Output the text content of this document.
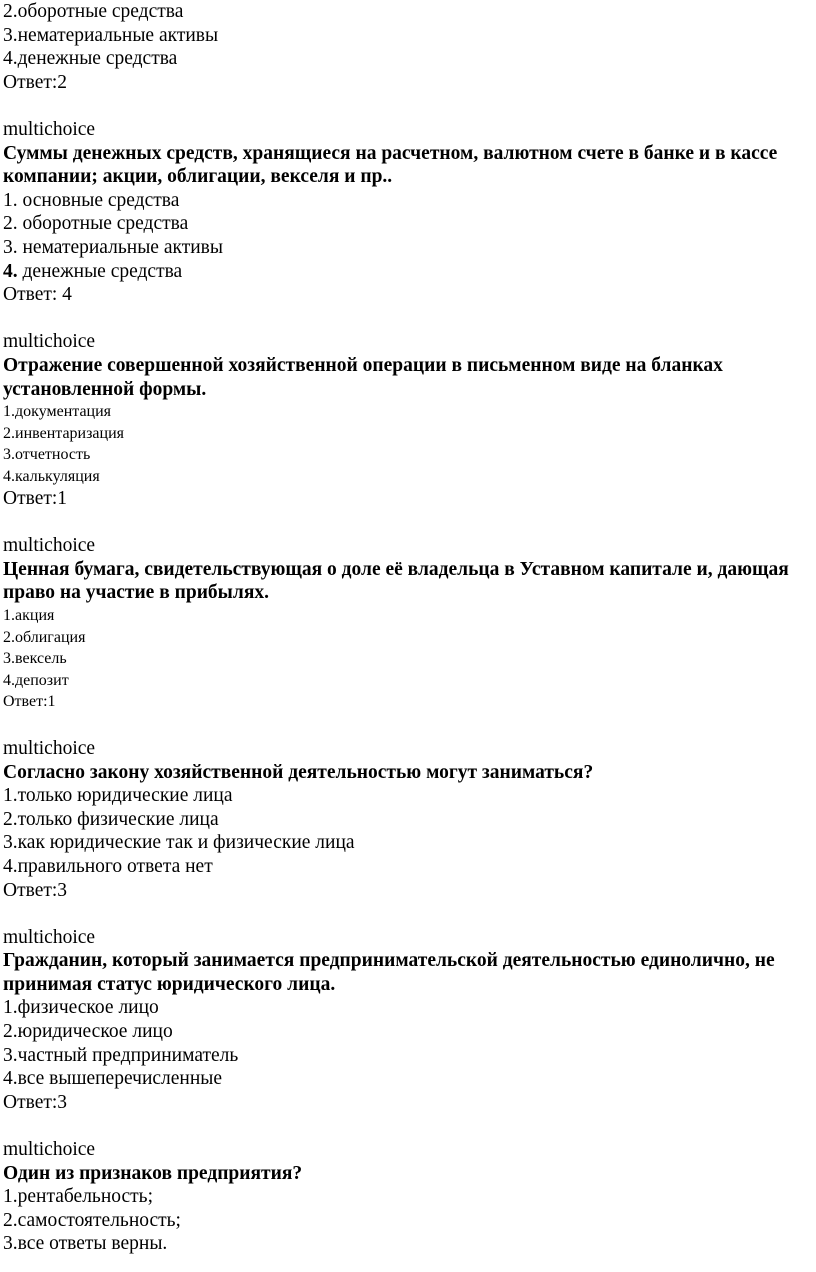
2.оборотные средства
3.нематериальные активы
4.денежные средства
Ответ:2
multichoice
Суммы денежных средств, хранящиеся на расчетном, валютном счете в банке и в кассе компании; акции, облигации, векселя и пр..
1. основные средства
2. оборотные средства
3. нематериальные активы
4. денежные средства
Ответ: 4
multichoice
Отражение совершенной хозяйственной операции в письменном виде на бланках установленной формы.
1.документация
2.инвентаризация
3.отчетность
4.калькуляция
Ответ:1
multichoice
Ценная бумага, свидетельствующая о доле её владельца в Уставном капитале и, дающая право на участие в прибылях.
1.акция
2.облигация
3.вексель
4.депозит
Ответ:1
multichoice
Согласно закону хозяйственной деятельностью могут заниматься?
1.только юридические лица
2.только физические лица
3.как юридические так и физические лица
4.правильного ответа нет
Ответ:3
multichoice
Гражданин, который занимается предпринимательской деятельностью единолично, не принимая статус юридического лица.
1.физическое лицо
2.юридическое лицо
3.частный предприниматель
4.все вышеперечисленные
Ответ:3
multichoice
Один из признаков предприятия?
1.рентабельность;
2.самостоятельность;
3.все ответы верны.
